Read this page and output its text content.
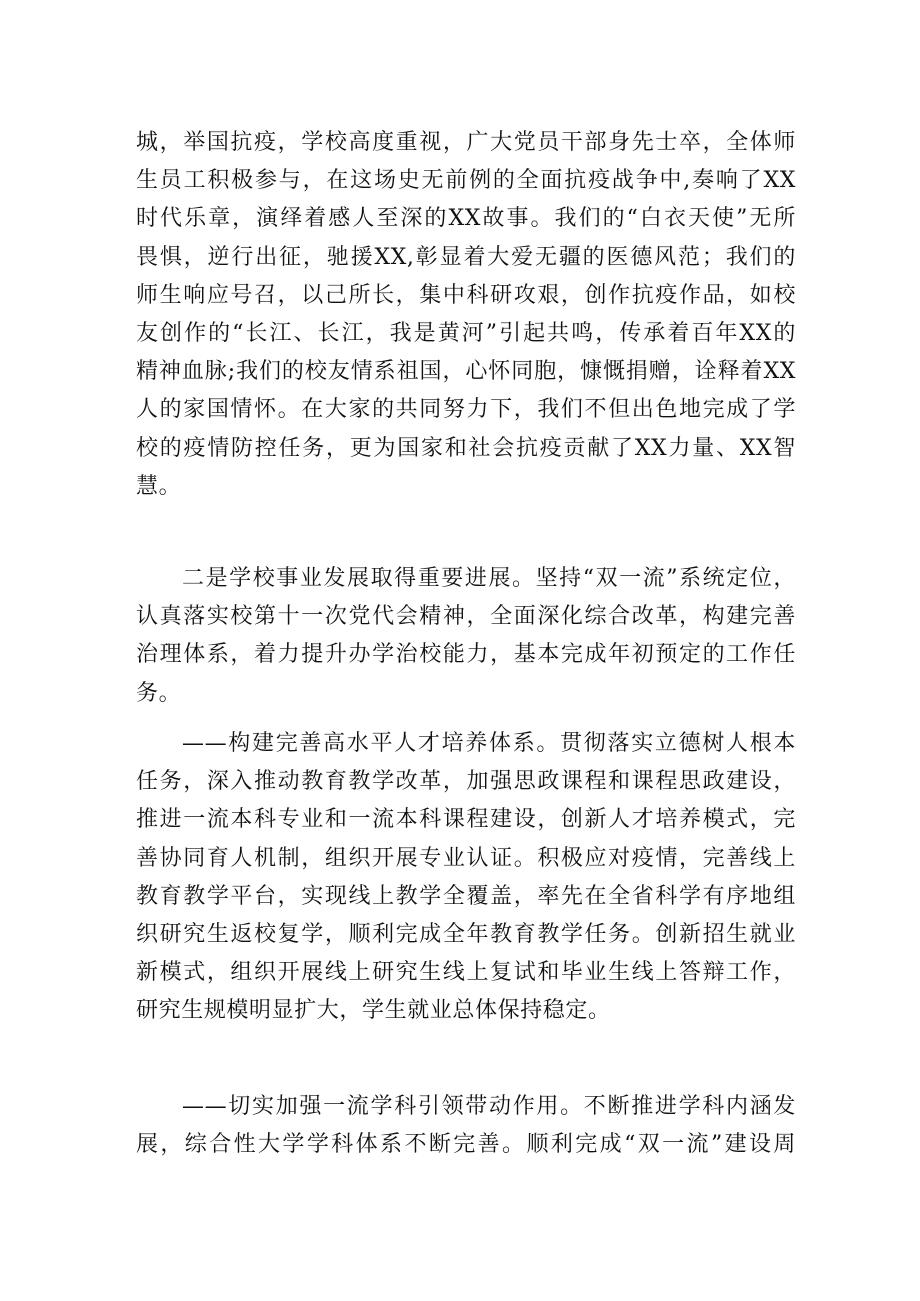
城，举国抗疫，学校高度重视，广大党员干部身先士卒，全体师
生员工积极参与，在这场史无前例的全面抗疫战争中,奏响了XX
时代乐章，演绎着感人至深的XX故事。我们的“白衣天使”无所
畏惧，逆行出征，驰援XX,彰显着大爱无疆的医德风范；我们的
师生响应号召，以己所长，集中科研攻艰，创作抗疫作品，如校
友创作的“长江、长江，我是黄河”引起共鸣，传承着百年XX的
精神血脉;我们的校友情系祖国，心怀同胞，慷慨捐赠，诠释着XX
人的家国情怀。在大家的共同努力下，我们不但出色地完成了学
校的疫情防控任务，更为国家和社会抗疫贡献了XX力量、XX智
慧。
二是学校事业发展取得重要进展。坚持“双一流”系统定位，
认真落实校第十一次党代会精神，全面深化综合改革，构建完善
治理体系，着力提升办学治校能力，基本完成年初预定的工作任
务。
——构建完善高水平人才培养体系。贯彻落实立德树人根本
任务，深入推动教育教学改革，加强思政课程和课程思政建设，
推进一流本科专业和一流本科课程建设，创新人才培养模式，完
善协同育人机制，组织开展专业认证。积极应对疫情，完善线上
教育教学平台，实现线上教学全覆盖，率先在全省科学有序地组
织研究生返校复学，顺利完成全年教育教学任务。创新招生就业
新模式，组织开展线上研究生线上复试和毕业生线上答辩工作，
研究生规模明显扩大，学生就业总体保持稳定。
——切实加强一流学科引领带动作用。不断推进学科内涵发
展，综合性大学学科体系不断完善。顺利完成“双一流”建设周
